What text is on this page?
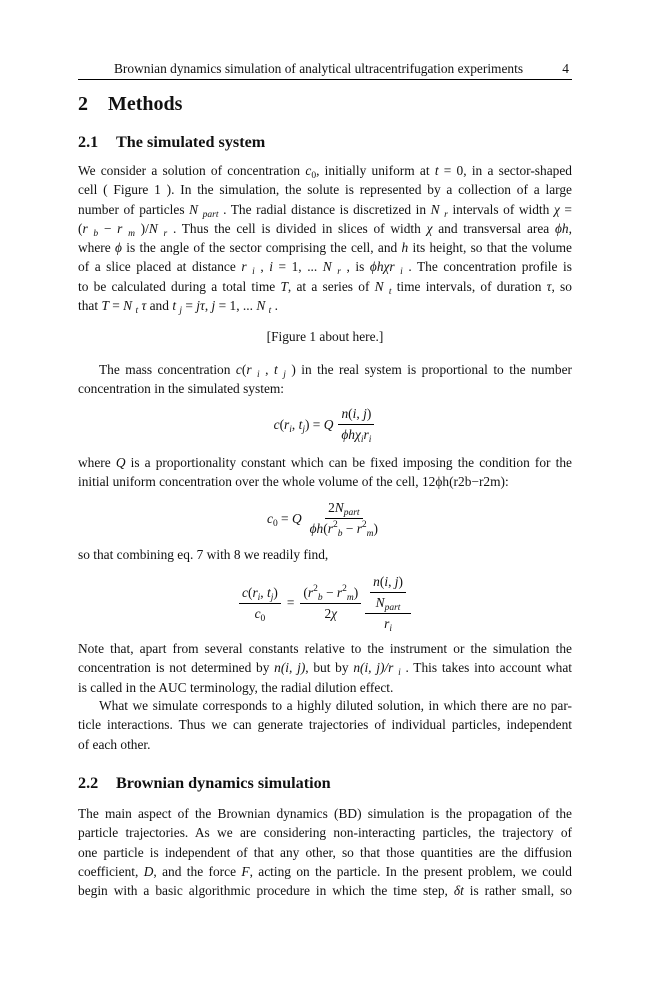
Brownian dynamics simulation of analytical ultracentrifugation experiments	4
2 Methods
2.1 The simulated system
We consider a solution of concentration $c_0$, initially uniform at t = 0, in a sector-shaped
cell ( Figure 1 ). In the simulation, the solute is represented by a collection of a large
number of particles N $_{part}$ . The radial distance is discretized in N $_r$ intervals of width χ =
(r $_b$ − r $_m$ )/N $_r$ . Thus the cell is divided in slices of width χ and transversal area ϕh,
where ϕ is the angle of the sector comprising the cell, and h its height, so that the volume
of a slice placed at distance r $_i$ , i = 1, ... N $_r$ , is ϕhχr $_i$ . The concentration profile is
to be calculated during a total time T, at a series of N $_t$ time intervals, of duration τ, so
that T = N $_t$ τ and t $_j$ = jτ, j = 1, ... N $_t$ .
[Figure 1 about here.]
The mass concentration c(r $_i$ , t $_j$ ) in the real system is proportional to the number
concentration in the simulated system:
$c(r_i$, $t_j) = Q \frac{n(i, j)}{\phi h\chi_ir_i}$
where Q is a proportionality constant which can be fixed imposing the condition for the
initial uniform concentration over the whole volume of the cell, 12ϕh(r2b−r2m):
$c_0 = Q \frac{2N_{part}}{\phi h(r^2_b - r^2_m)}$
so that combining eq. 7 with 8 we readily find,
$\frac{c(r_i, t_j)}{c_0} = \frac{(r^2_b - r^2_m)}{2\chi} \frac{\frac{n(i, j)}{N_{part}}}{r_i}$
Note that, apart from several constants relative to the instrument or the simulation the
concentration is not determined by n(i, j), but by n(i, j)/r $_i$ . This takes into account what
is called in the AUC terminology, the radial dilution effect.
What we simulate corresponds to a highly diluted solution, in which there are no par-
ticle interactions. Thus we can generate trajectories of individual particles, independent
of each other.
2.2 Brownian dynamics simulation
The main aspect of the Brownian dynamics (BD) simulation is the propagation of the
particle trajectories. As we are considering non-interacting particles, the trajectory of
one particle is independent of that any other, so that those quantities are the diffusion
coefficient, D, and the force F, acting on the particle. In the present problem, we could
begin with a basic algorithmic procedure in which the time step, δt is rather small, so
